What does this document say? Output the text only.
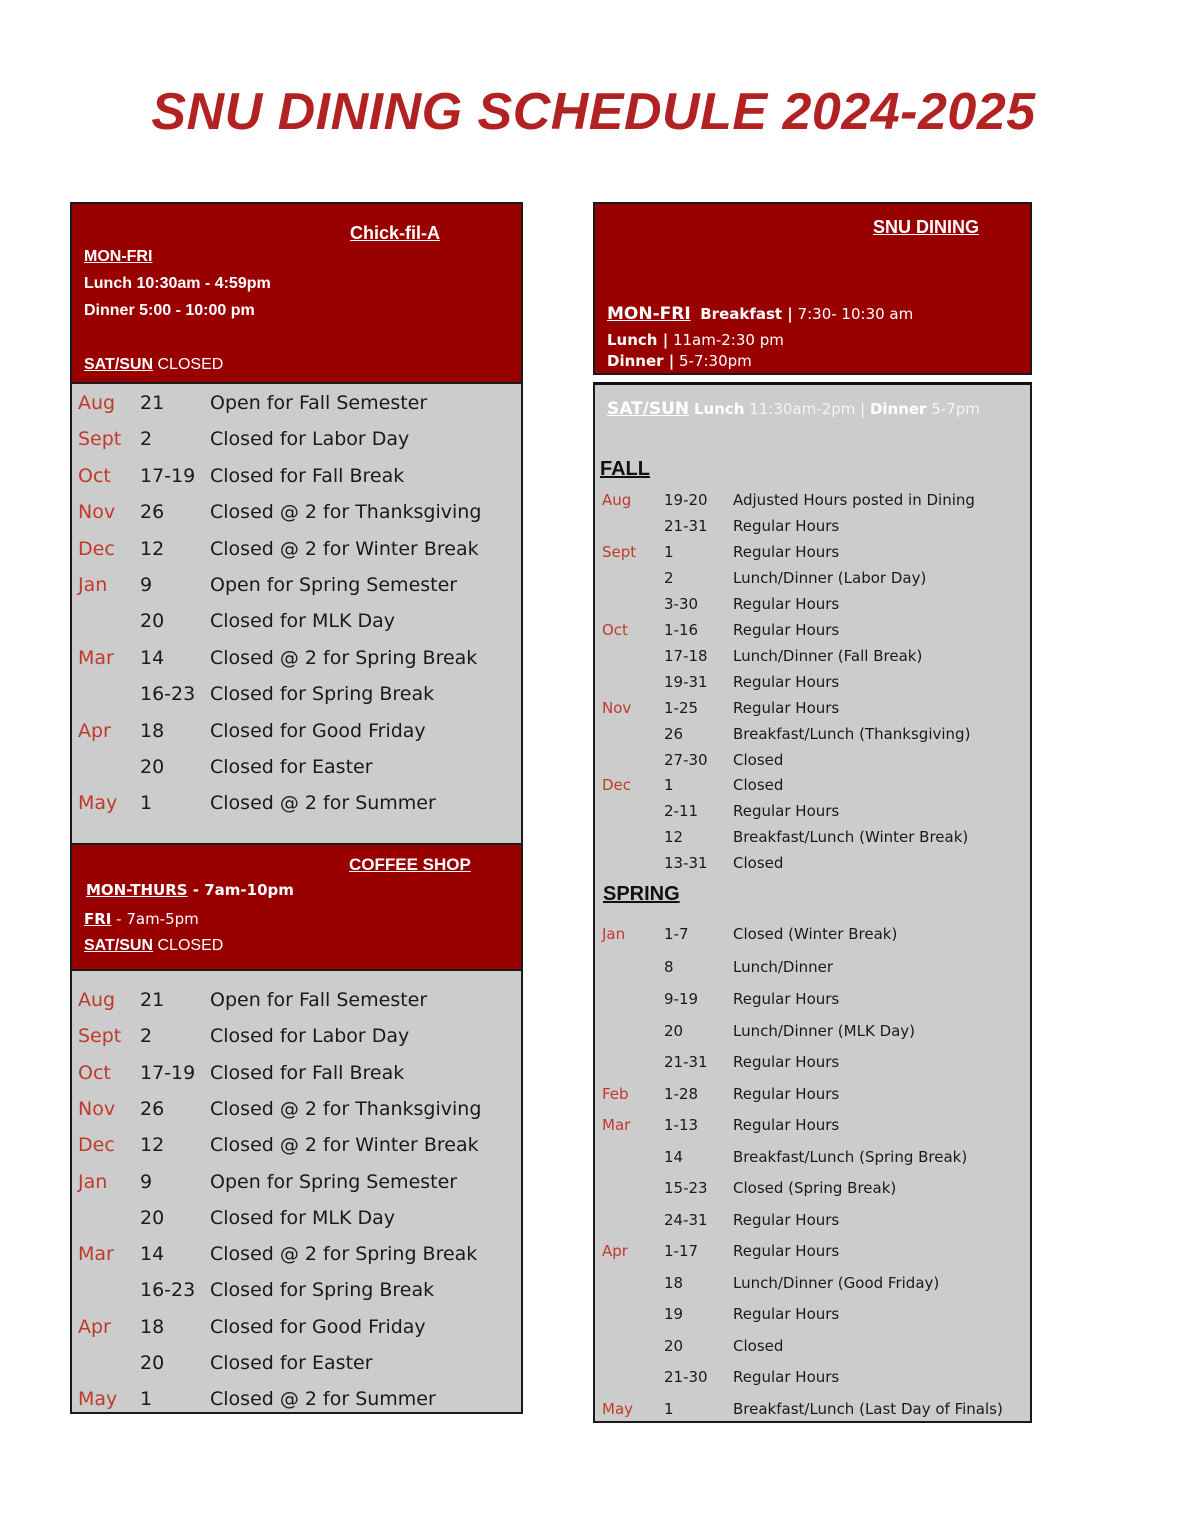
SNU DINING SCHEDULE 2024-2025
Chick-fil-A
MON-FRI
Lunch 10:30am - 4:59pm
Dinner 5:00 - 10:00 pm
SAT/SUN CLOSED
Aug 21 Open for Fall Semester
Sept 2	Closed for Labor Day
Oct 17-19 Closed for Fall Break
Nov 26 Closed @ 2 for Thanksgiving
Dec 12 Closed @ 2 for Winter Break
Jan 9	Open for Spring Semester
20 Closed for MLK Day
Mar 14 Closed @ 2 for Spring Break
16-23 Closed for Spring Break
Apr 18 Closed for Good Friday
20 Closed for Easter
May 1	Closed @ 2 for Summer
COFFEE SHOP
MON-THURS - 7am-10pm
FRI - 7am-5pm
SAT/SUN CLOSED
Aug 21 Open for Fall Semester
Sept 2	Closed for Labor Day
Oct 17-19 Closed for Fall Break
Nov 26 Closed @ 2 for Thanksgiving
Dec 12 Closed @ 2 for Winter Break
Jan 9	Open for Spring Semester
20 Closed for MLK Day
Mar 14 Closed @ 2 for Spring Break
16-23 Closed for Spring Break
Apr 18 Closed for Good Friday
20 Closed for Easter
May 1	Closed @ 2 for Summer
SNU DINING
MON-FRI Breakfast | 7:30- 10:30 am
Lunch | 11am-2:30 pm
Dinner | 5-7:30pm
SAT/SUN Lunch 11:30am-2pm | Dinner 5-7pm
FALL
SPRING
Aug 19-20 Adjusted Hours posted in Dining
21-31 Regular Hours
Sept 1	Regular Hours
2	Lunch/Dinner (Labor Day)
3-30 Regular Hours
Oct 1-16 Regular Hours
17-18 Lunch/Dinner (Fall Break)
19-31 Regular Hours
Nov 1-25 Regular Hours
26	Breakfast/Lunch (Thanksgiving)
27-30 Closed
Dec 1	Closed
2-11 Regular Hours
12	Breakfast/Lunch (Winter Break)
13-31 Closed
Jan	1-7	Closed (Winter Break)
8	Lunch/Dinner
9-19 Regular Hours
20	Lunch/Dinner (MLK Day)
21-31 Regular Hours
Feb 1-28 Regular Hours
Mar 1-13 Regular Hours
14	Breakfast/Lunch (Spring Break)
15-23 Closed (Spring Break)
24-31 Regular Hours
Apr 1-17 Regular Hours
18	Lunch/Dinner (Good Friday)
19	Regular Hours
20	Closed
21-30 Regular Hours
May 1	Breakfast/Lunch (Last Day of Finals)
